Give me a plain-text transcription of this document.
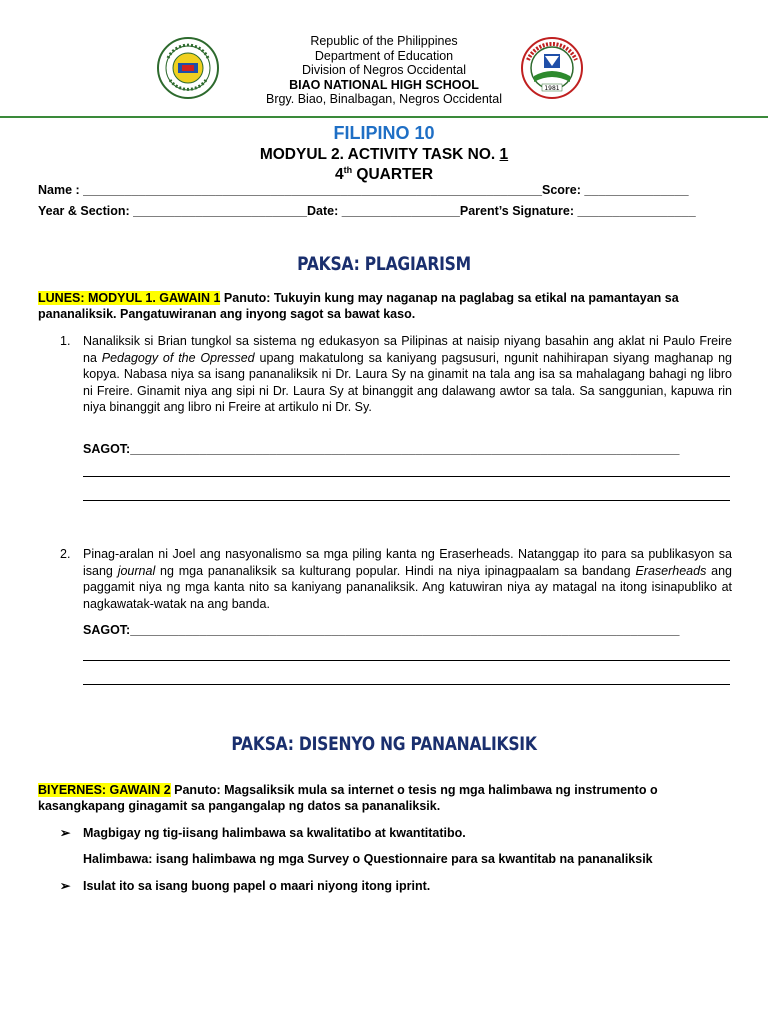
Republic of the Philippines
Department of Education
Division of Negros Occidental
BIAO NATIONAL HIGH SCHOOL
Brgy. Biao, Binalbagan, Negros Occidental
1981
FILIPINO 10
MODYUL 2. ACTIVITY TASK NO. 1
4th QUARTER
Name : __________________________________________________________________Score: _______________
Year & Section: _________________________Date: _________________Parent’s Signature: _________________
PAKSA: PLAGIARISM
LUNES: MODYUL 1. GAWAIN 1 Panuto: Tukuyin kung may naganap na paglabag sa etikal na pamantayan sa pananaliksik. Pangatuwiranan ang inyong sagot sa bawat kaso.
1. Nanaliksik si Brian tungkol sa sistema ng edukasyon sa Pilipinas at naisip niyang basahin ang aklat ni Paulo Freire na Pedagogy of the Opressed upang makatulong sa kaniyang pagsusuri, ngunit nahihirapan siyang maghanap ng kopya. Nabasa niya sa isang pananaliksik ni Dr. Laura Sy na ginamit na tala ang isa sa mahalagang bahagi ng libro ni Freire. Ginamit niya ang sipi ni Dr. Laura Sy at binanggit ang dalawang awtor sa tala. Sa sanggunian, kapuwa rin niya binanggit ang libro ni Freire at artikulo ni Dr. Sy.
SAGOT:_______________________________________________________________________________
2. Pinag-aralan ni Joel ang nasyonalismo sa mga piling kanta ng Eraserheads. Natanggap ito para sa publikasyon sa isang journal ng mga pananaliksik sa kulturang popular. Hindi na niya ipinagpaalam sa bandang Eraserheads ang paggamit niya ng mga kanta nito sa kaniyang pananaliksik. Ang katuwiran niya ay matagal na itong isinapubliko at nagkawatak-watak na ang banda.
SAGOT:_______________________________________________________________________________
PAKSA: DISENYO NG PANANALIKSIK
BIYERNES: GAWAIN 2 Panuto: Magsaliksik mula sa internet o tesis ng mga halimbawa ng instrumento o kasangkapang ginagamit sa pangangalap ng datos sa pananaliksik.
➢ Magbigay ng tig-iisang halimbawa sa kwalitatibo at kwantitatibo.
Halimbawa: isang halimbawa ng mga Survey o Questionnaire para sa kwantitab na pananaliksik
➢ Isulat ito sa isang buong papel o maari niyong itong iprint.
